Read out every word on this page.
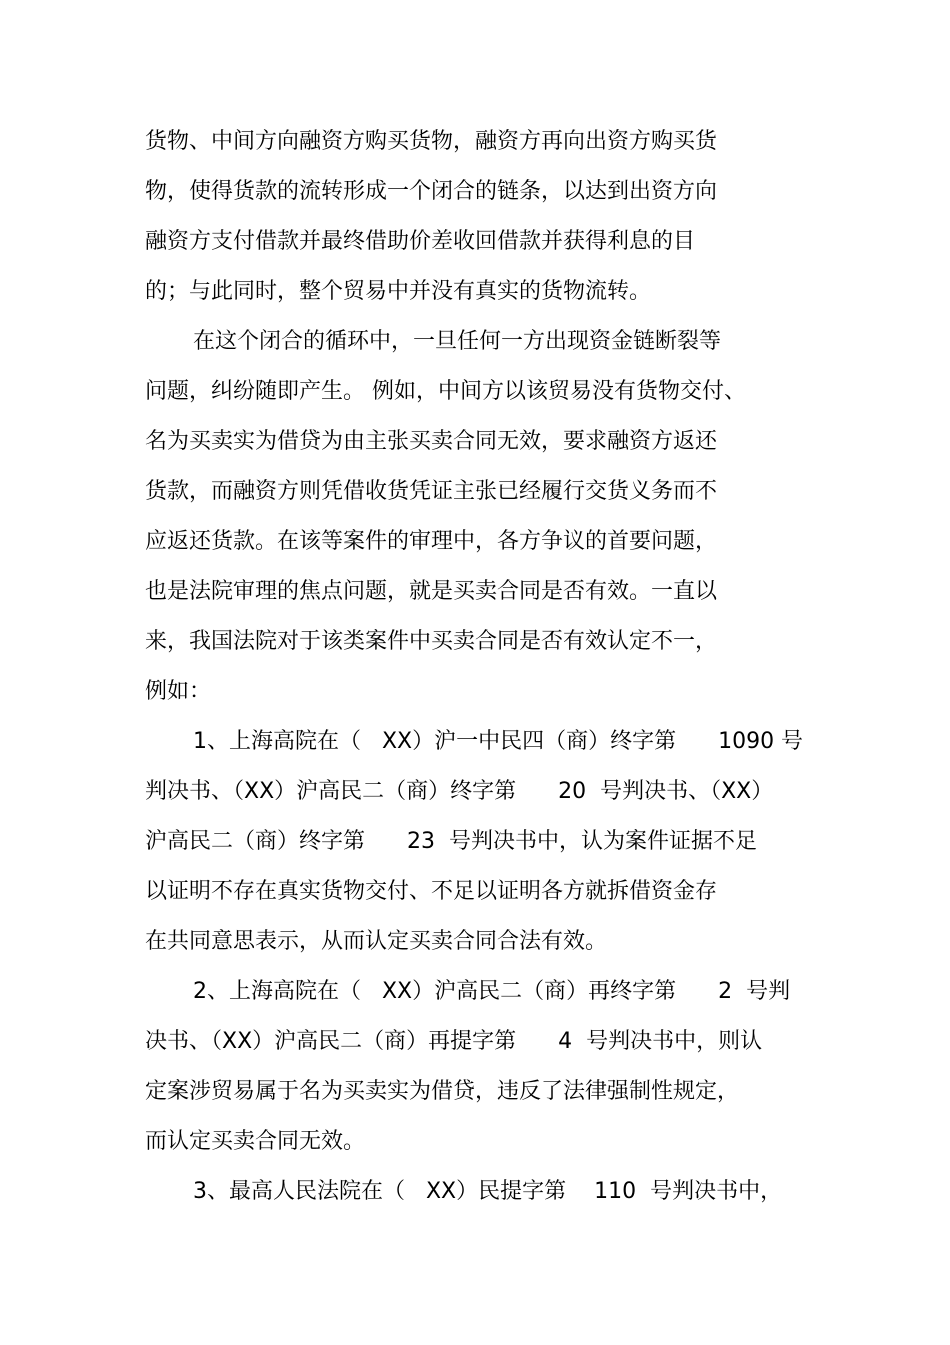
货物、中间方向融资方购买货物，融资方再向出资方购买货
物，使得货款的流转形成一个闭合的链条，以达到出资方向
融资方支付借款并最终借助价差收回借款并获得利息的目
的；与此同时，整个贸易中并没有真实的货物流转。
在这个闭合的循环中，一旦任何一方出现资金链断裂等
问题，纠纷随即产生。 例如，中间方以该贸易没有货物交付、
名为买卖实为借贷为由主张买卖合同无效，要求融资方返还
货款，而融资方则凭借收货凭证主张已经履行交货义务而不
应返还货款。在该等案件的审理中，各方争议的首要问题，
也是法院审理的焦点问题，就是买卖合同是否有效。一直以
来，我国法院对于该类案件中买卖合同是否有效认定不一，
例如：
1、上海高院在（   XX）沪一中民四（商）终字第      1090 号
判决书、（XX）沪高民二（商）终字第      20  号判决书、（XX）
沪高民二（商）终字第      23  号判决书中，认为案件证据不足
以证明不存在真实货物交付、不足以证明各方就拆借资金存
在共同意思表示，从而认定买卖合同合法有效。
2、上海高院在（   XX）沪高民二（商）再终字第      2  号判
决书、（XX）沪高民二（商）再提字第      4  号判决书中，则认
定案涉贸易属于名为买卖实为借贷，违反了法律强制性规定，
而认定买卖合同无效。
3、最高人民法院在（   XX）民提字第    110  号判决书中，
